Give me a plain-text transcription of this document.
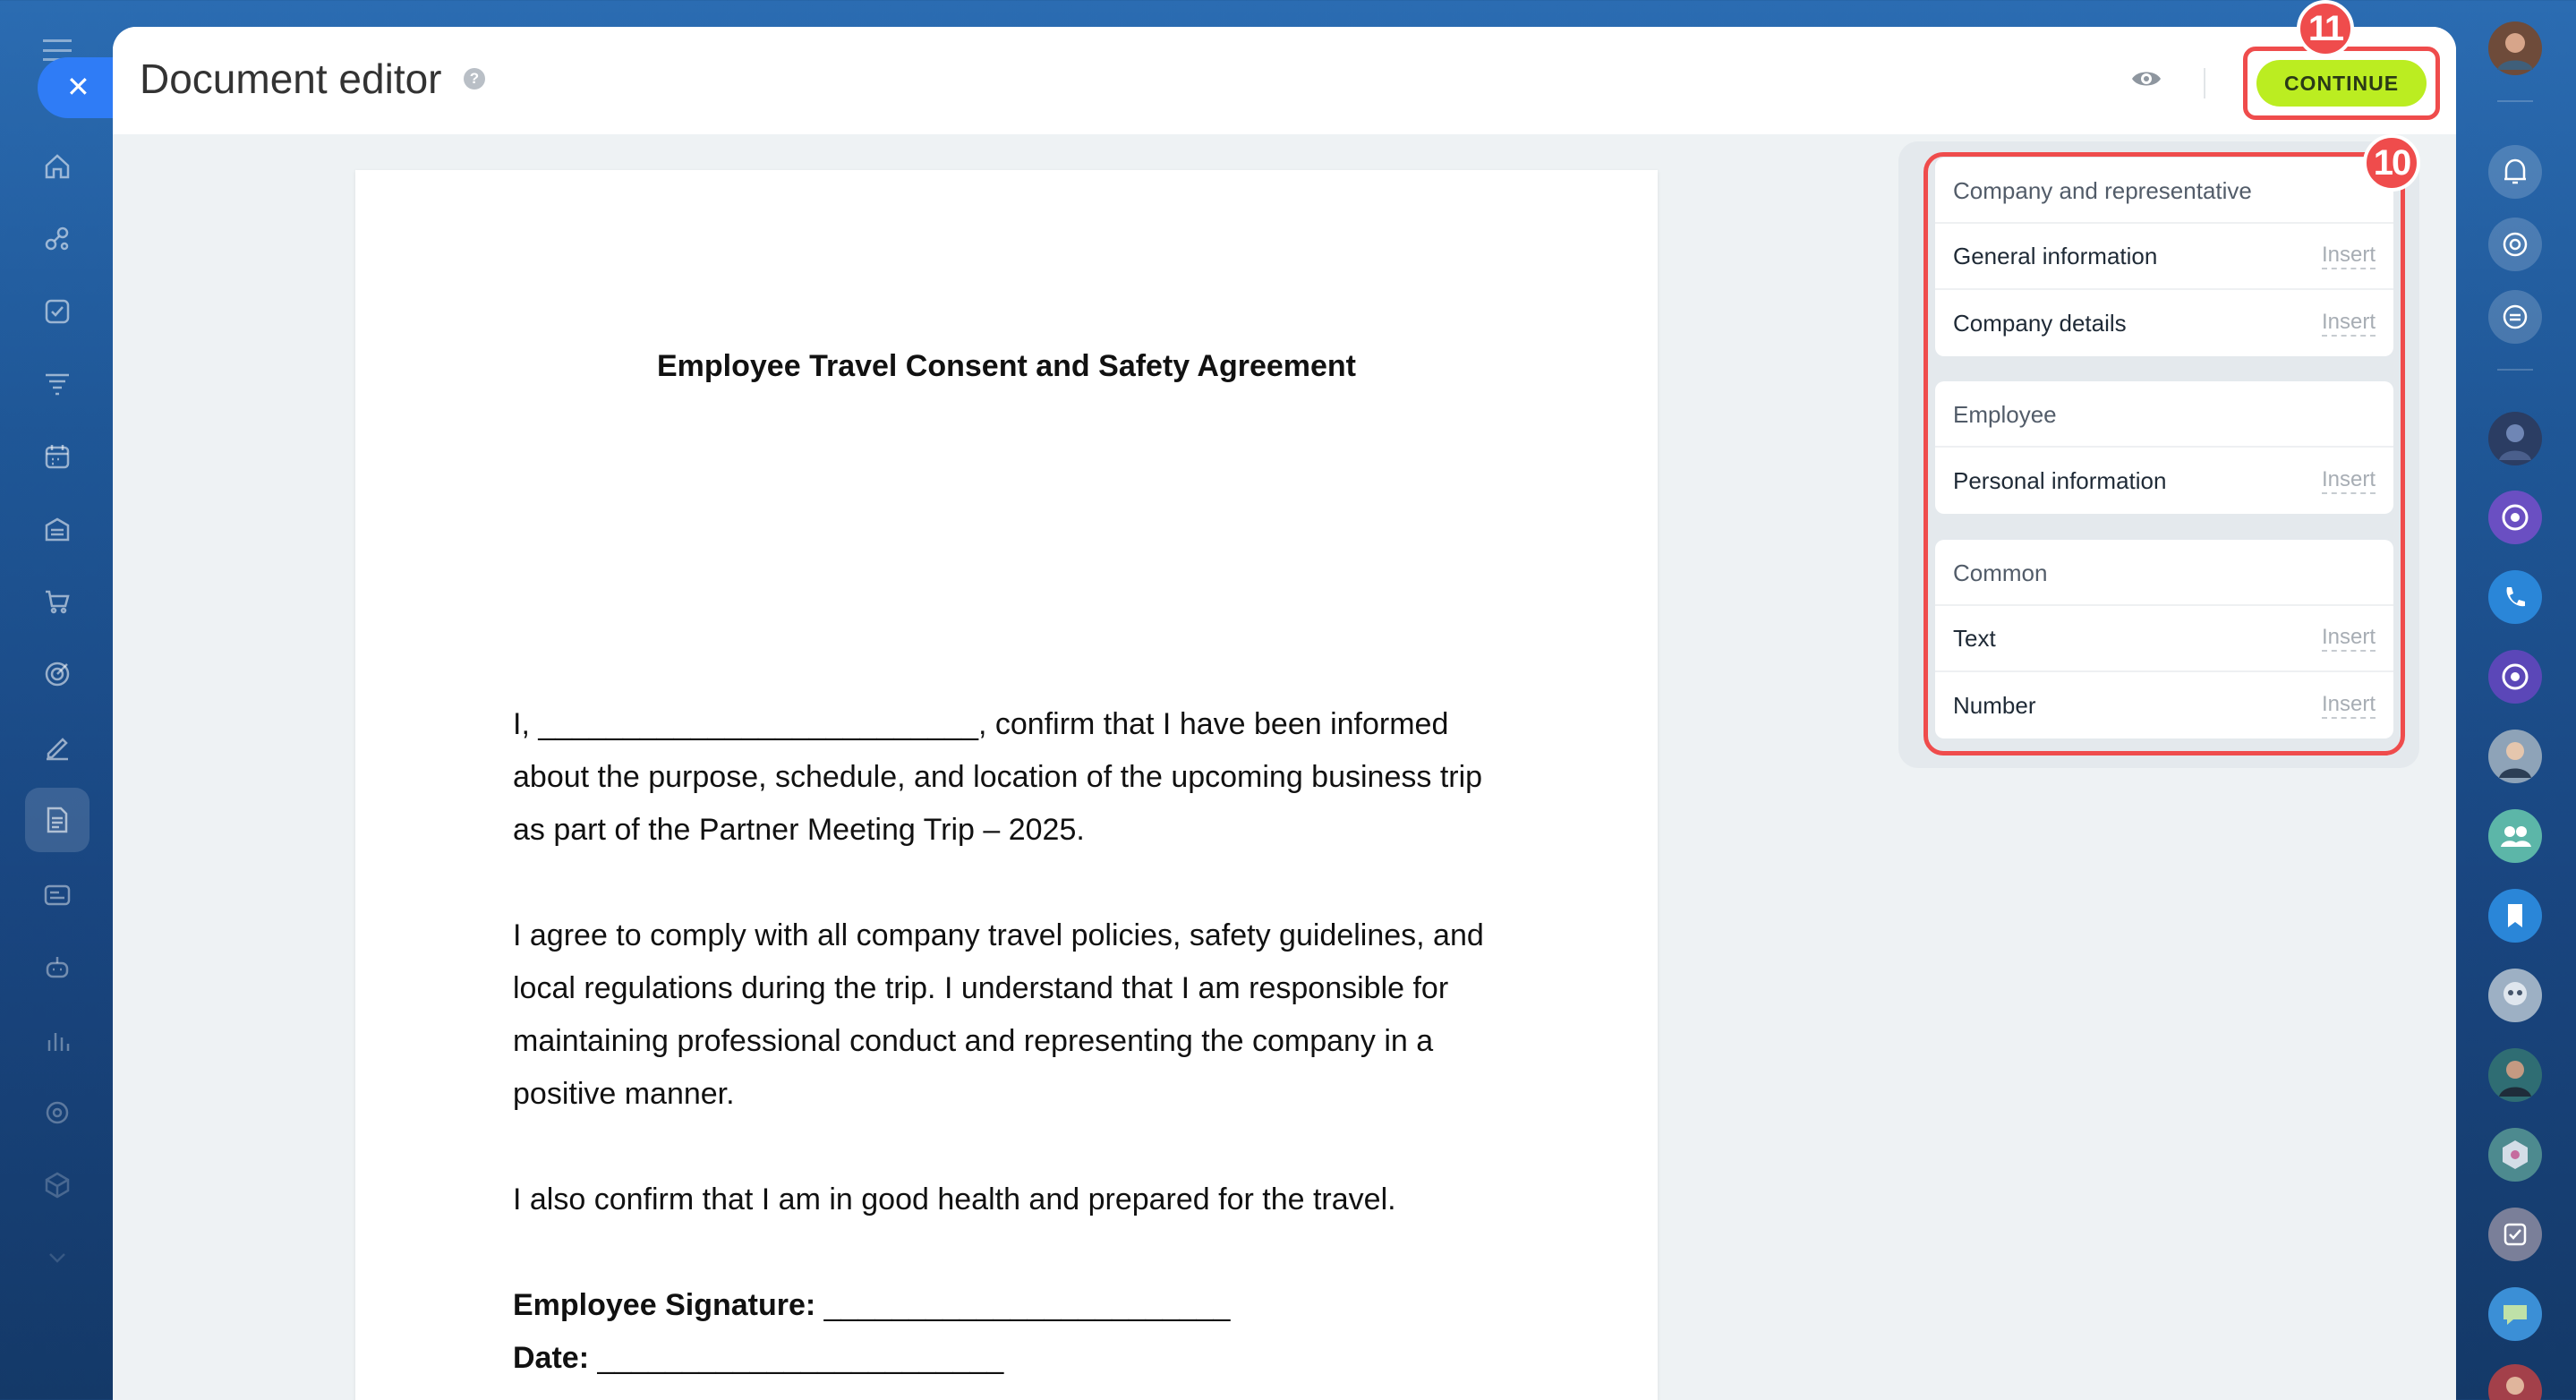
✕ Document editor	?	CONTINUE
Employee Travel Consent and Safety Agreement

I, __________________________, confirm that I have been informed about the purpose, schedule, and location of the upcoming business trip as part of the Partner Meeting Trip – 2025.

I agree to comply with all company travel policies, safety guidelines, and local regulations during the trip. I understand that I am responsible for maintaining professional conduct and representing the company in a positive manner.

I also confirm that I am in good health and prepared for the travel.

Employee Signature: ________________________

Date: ________________________

Company and representative
General information	Insert
Company details	Insert
Employee
Personal information	Insert
Common
Text	Insert
Number	Insert
11
10
